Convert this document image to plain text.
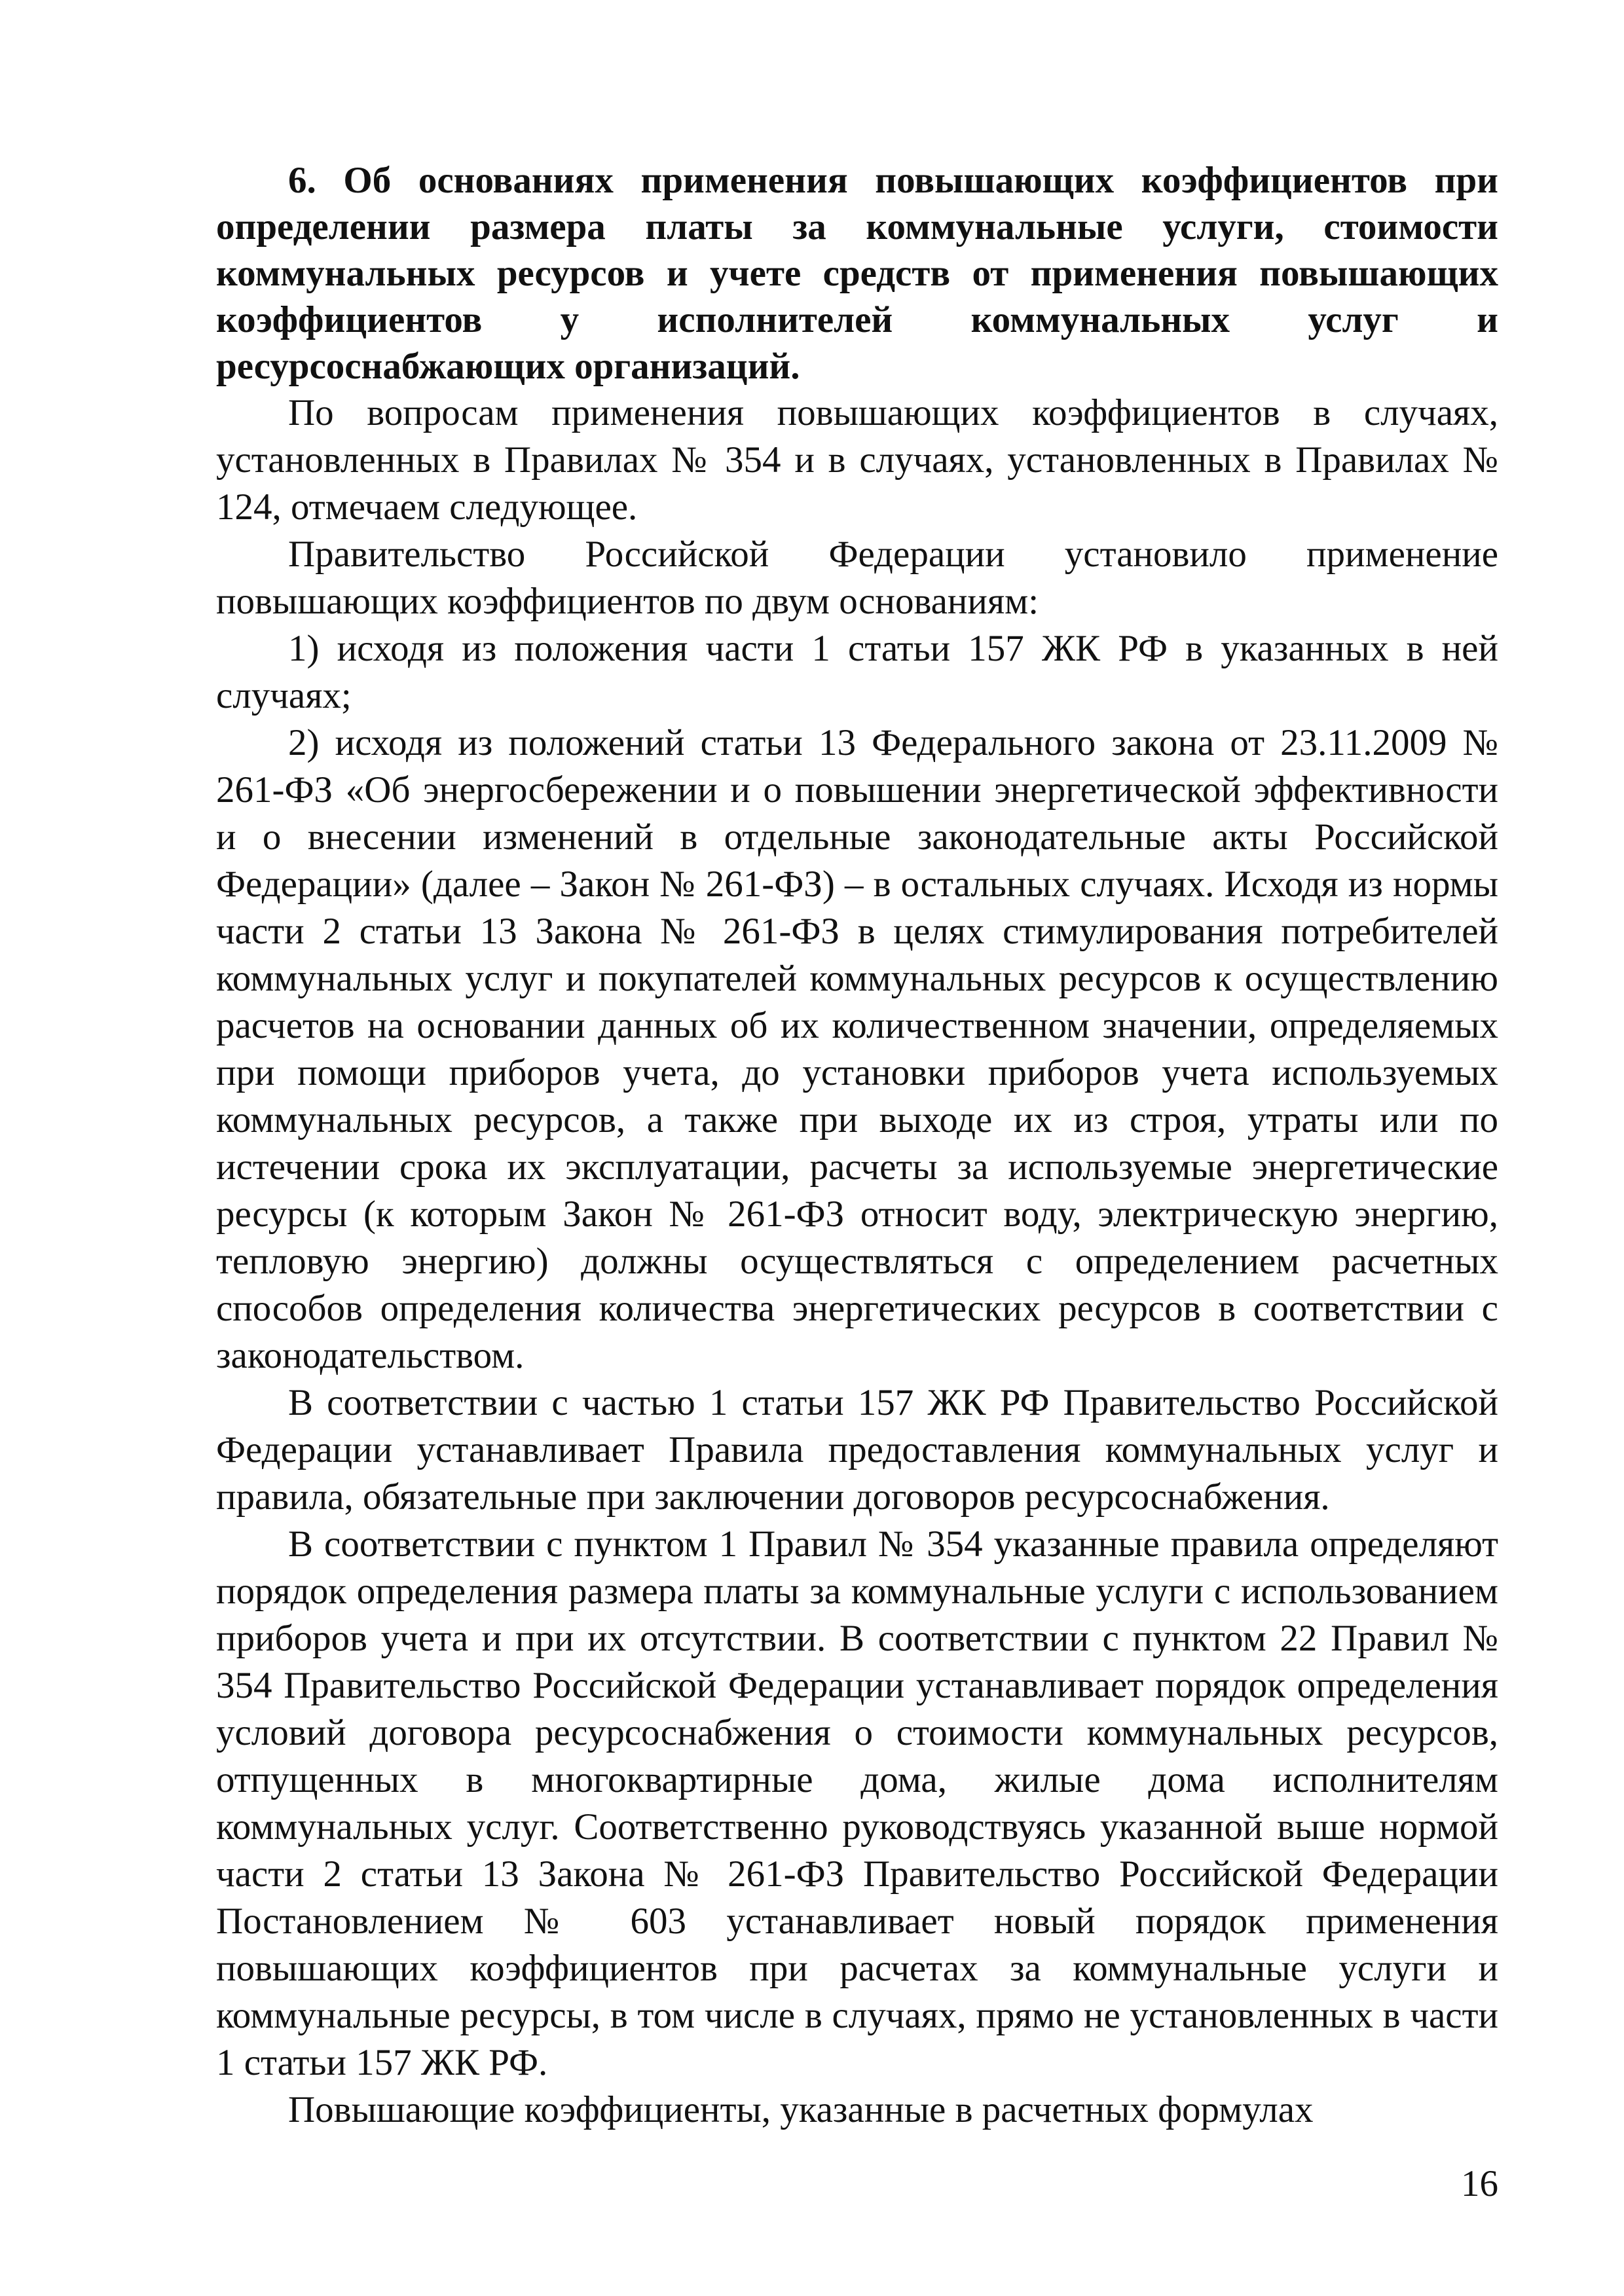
6. Об основаниях применения повышающих коэффициентов при определении размера платы за коммунальные услуги, стоимости коммунальных ресурсов и учете средств от применения повышающих коэффициентов у исполнителей коммунальных услуг и ресурсоснабжающих организаций.

По вопросам применения повышающих коэффициентов в случаях, установленных в Правилах № 354 и в случаях, установленных в Правилах № 124, отмечаем следующее.

Правительство Российской Федерации установило применение повышающих коэффициентов по двум основаниям:

1) исходя из положения части 1 статьи 157 ЖК РФ в указанных в ней случаях;

2) исходя из положений статьи 13 Федерального закона от 23.11.2009 № 261-ФЗ «Об энергосбережении и о повышении энергетической эффективности и о внесении изменений в отдельные законодательные акты Российской Федерации» (далее – Закон № 261-ФЗ) – в остальных случаях. Исходя из нормы части 2 статьи 13 Закона № 261-ФЗ в целях стимулирования потребителей коммунальных услуг и покупателей коммунальных ресурсов к осуществлению расчетов на основании данных об их количественном значении, определяемых при помощи приборов учета, до установки приборов учета используемых коммунальных ресурсов, а также при выходе их из строя, утраты или по истечении срока их эксплуатации, расчеты за используемые энергетические ресурсы (к которым Закон № 261-ФЗ относит воду, электрическую энергию, тепловую энергию) должны осуществляться с определением расчетных способов определения количества энергетических ресурсов в соответствии с законодательством.

В соответствии с частью 1 статьи 157 ЖК РФ Правительство Российской Федерации устанавливает Правила предоставления коммунальных услуг и правила, обязательные при заключении договоров ресурсоснабжения.

В соответствии с пунктом 1 Правил № 354 указанные правила определяют порядок определения размера платы за коммунальные услуги с использованием приборов учета и при их отсутствии. В соответствии с пунктом 22 Правил № 354 Правительство Российской Федерации устанавливает порядок определения условий договора ресурсоснабжения о стоимости коммунальных ресурсов, отпущенных в многоквартирные дома, жилые дома исполнителям коммунальных услуг. Соответственно руководствуясь указанной выше нормой части 2 статьи 13 Закона № 261-ФЗ Правительство Российской Федерации Постановлением № 603 устанавливает новый порядок применения повышающих коэффициентов при расчетах за коммунальные услуги и коммунальные ресурсы, в том числе в случаях, прямо не установленных в части 1 статьи 157 ЖК РФ.

Повышающие коэффициенты, указанные в расчетных формулах

16
